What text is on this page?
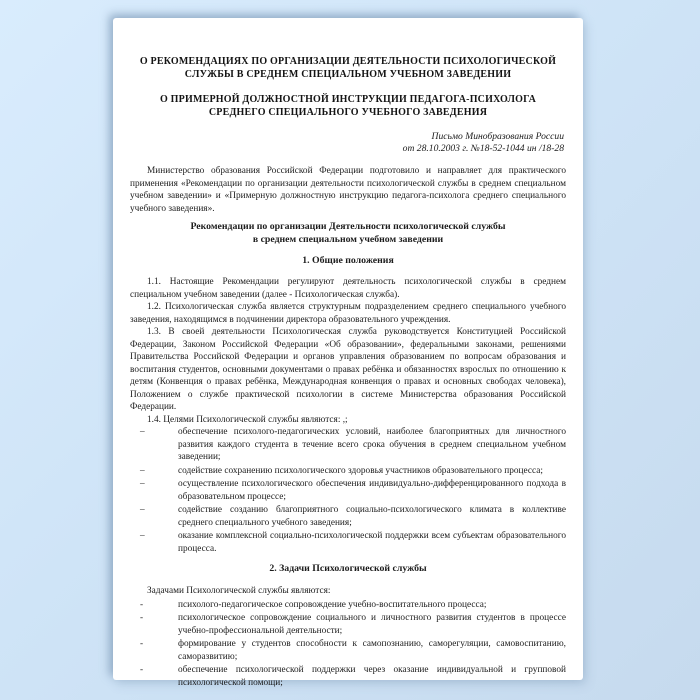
О РЕКОМЕНДАЦИЯХ ПО ОРГАНИЗАЦИИ ДЕЯТЕЛЬНОСТИ ПСИХОЛОГИЧЕСКОЙ
СЛУЖБЫ В СРЕДНЕМ СПЕЦИАЛЬНОМ УЧЕБНОМ ЗАВЕДЕНИИ
О ПРИМЕРНОЙ ДОЛЖНОСТНОЙ ИНСТРУКЦИИ ПЕДАГОГА-ПСИХОЛОГА
СРЕДНЕГО СПЕЦИАЛЬНОГО УЧЕБНОГО ЗАВЕДЕНИЯ
Письмо Минобразования России
от 28.10.2003 г. №18-52-1044 ин /18-28

Министерство образования Российской Федерации подготовило и направляет для практического применения «Рекомендации по организации деятельности психологической службы в среднем специальном учебном заведении» и «Примерную должностную инструкцию педагога-психолога среднего специального учебного заведения».

Рекомендации по организации Деятельности психологической службы
в среднем специальном учебном заведении
1. Общие положения

1.1. Настоящие Рекомендации регулируют деятельность психологической службы в среднем специальном учебном заведении (далее - Психологическая служба).

1.2. Психологическая служба является структурным подразделением среднего специального учебного заведения, находящимся в подчинении директора образовательного учреждения.

1.3. В своей деятельности Психологическая служба руководствуется Конституцией Российской Федерации, Законом Российской Федерации «Об образовании», федеральными законами, решениями Правительства Российской Федерации и органов управления образованием по вопросам образования и воспитания студентов, основными документами о правах ребёнка и обязанностях взрослых по отношению к детям (Конвенция о правах ребёнка, Международная конвенция о правах и основных свободах человека), Положением о службе практической психологии в системе Министерства образования Российской Федерации.

1.4. Целями Психологической службы являются: ,;

–	обеспечение психолого-педагогических условий, наиболее благоприятных для личностного развития каждого студента в течение всего срока обучения в среднем специальном учебном заведении;
–	содействие сохранению психологического здоровья участников образовательного процесса;
–	осуществление психологического обеспечения индивидуально-дифференцированного подхода в образовательном процессе;
–	содействие созданию благоприятного социально-психологического климата в коллективе среднего специального учебного заведения;
–	оказание комплексной социально-психологической поддержки всем субъектам образовательного процесса.
2. Задачи Психологической службы

Задачами Психологической службы являются:

-	психолого-педагогическое сопровождение учебно-воспитательного процесса;
-	психологическое сопровождение социального и личностного развития студентов в процессе учебно-профессиональной деятельности;
-	формирование у студентов способности к самопознанию, саморегуляции, самовоспитанию, саморазвитию;
-	обеспечение психологической поддержки через оказание индивидуальной и групповой психологической помощи;
